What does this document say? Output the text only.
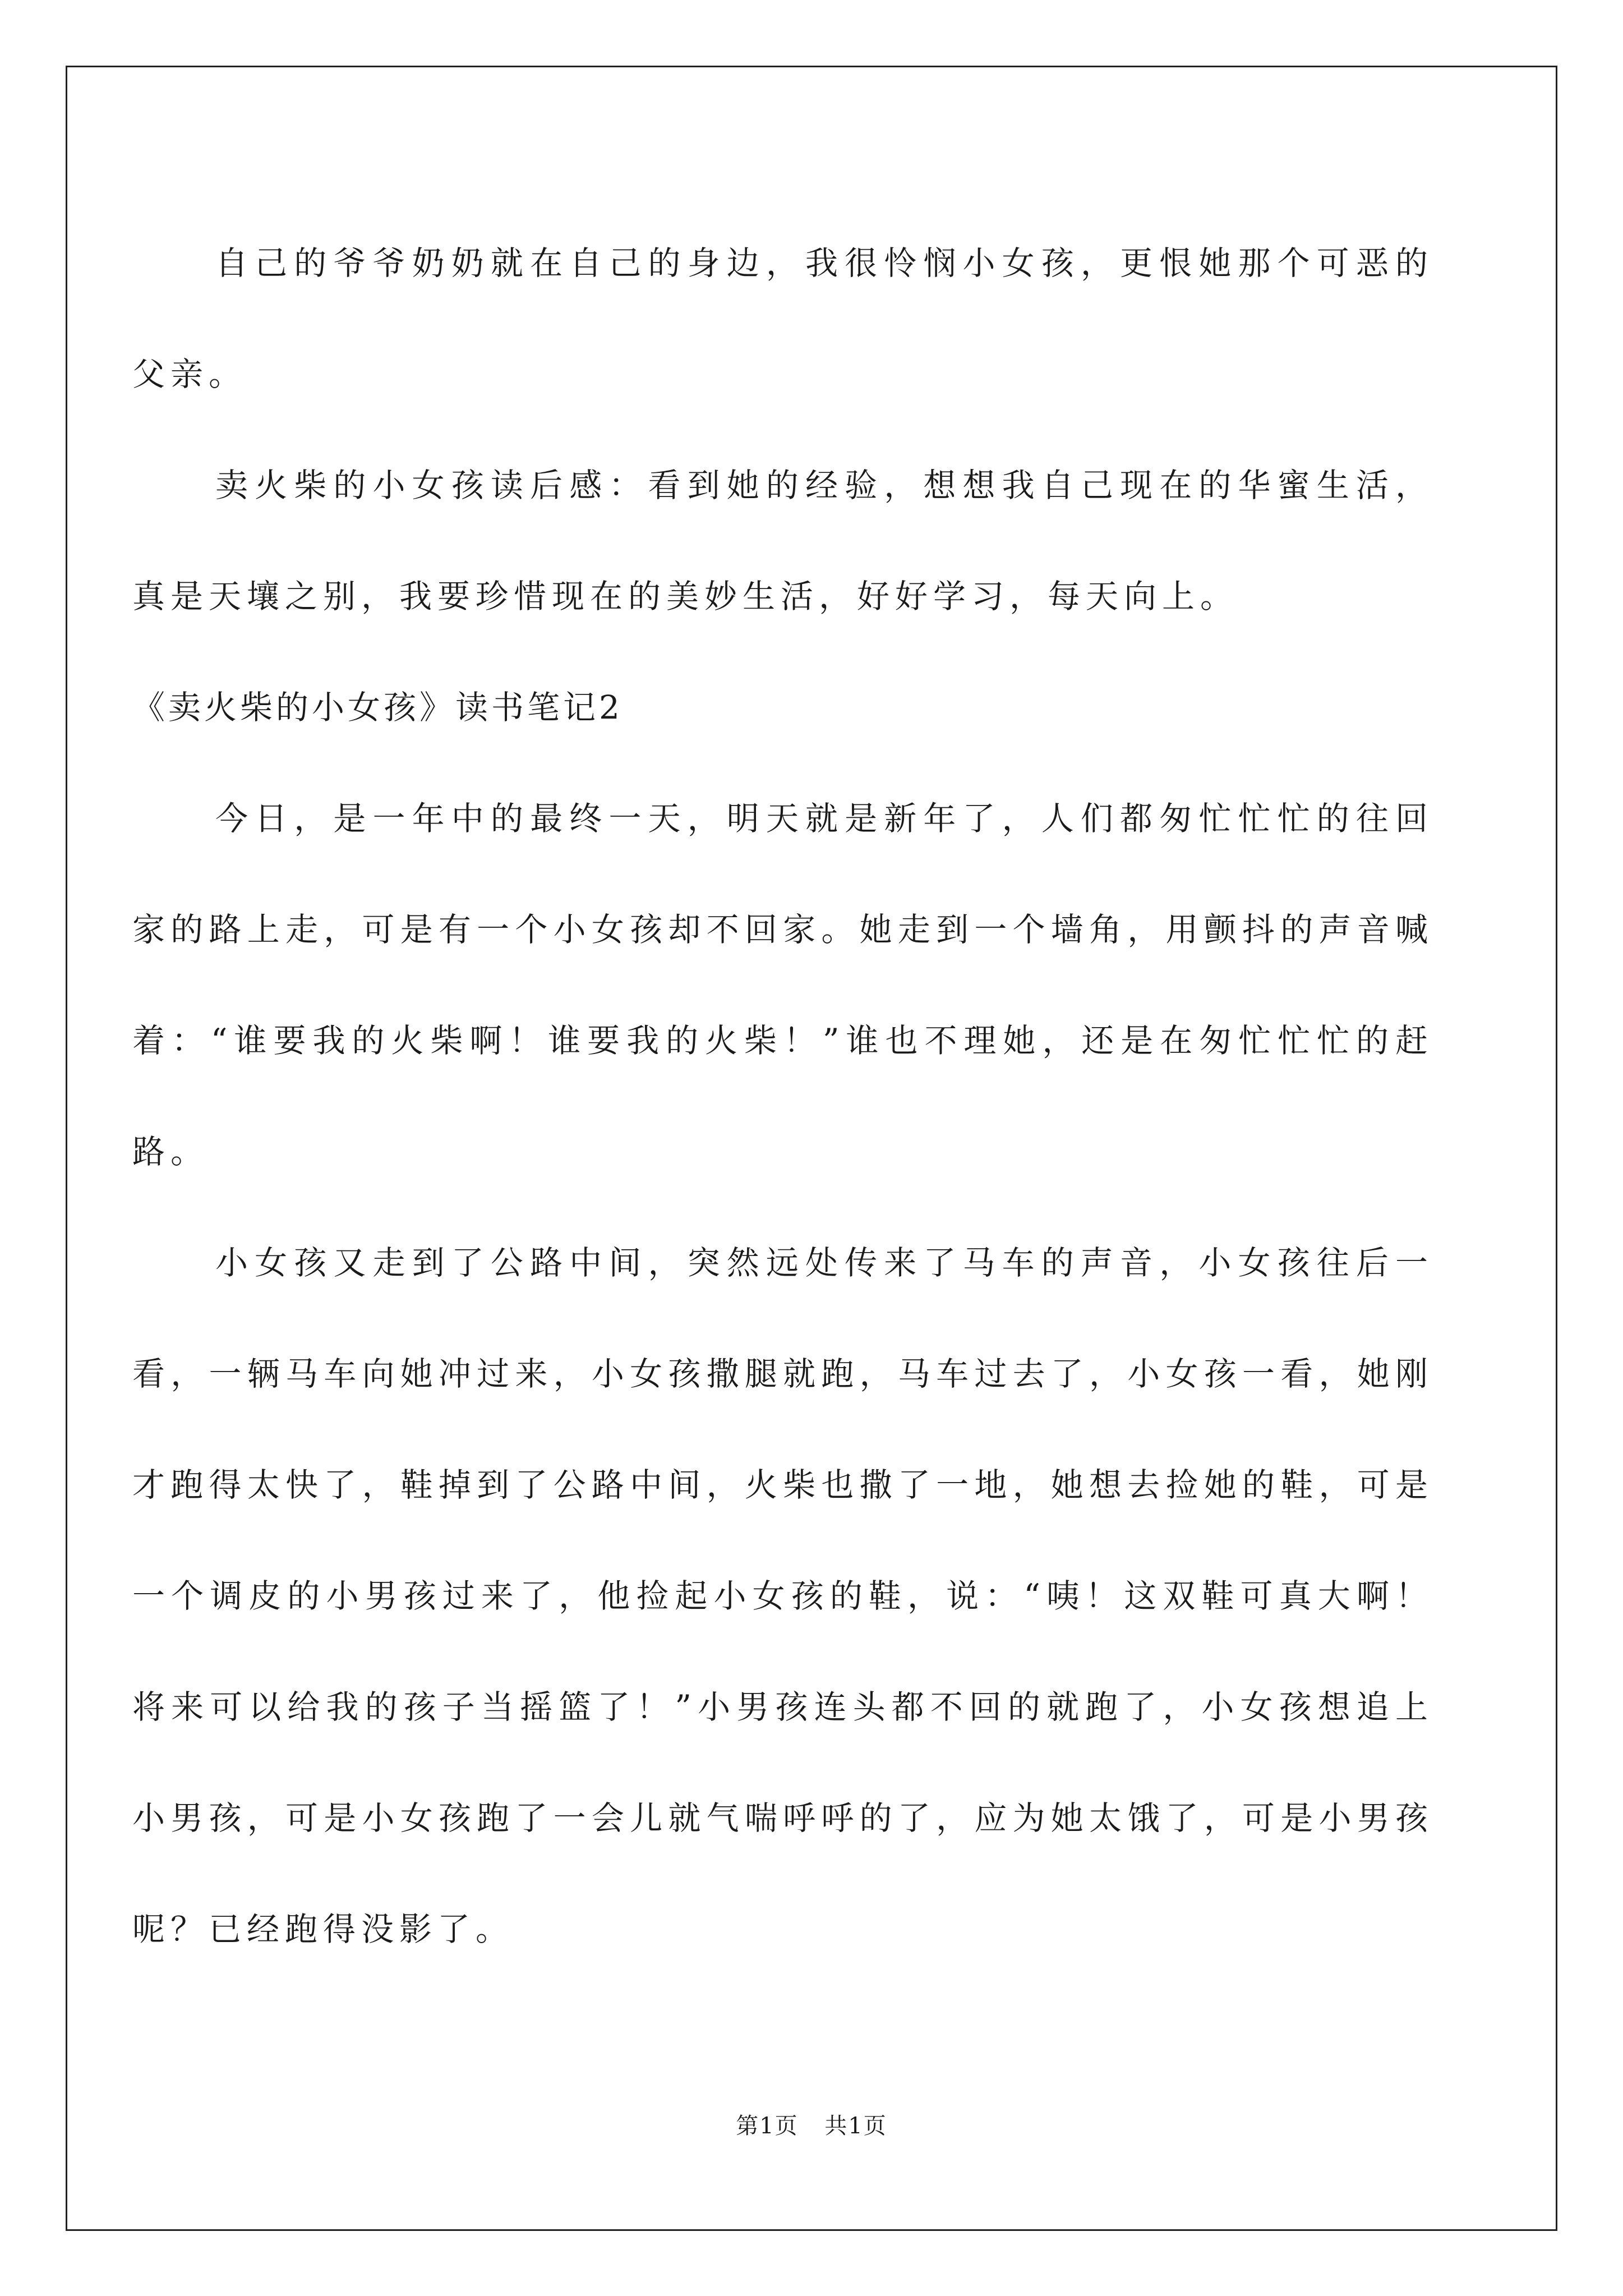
自己的爷爷奶奶就在自己的身边，我很怜悯小女孩，更恨她那个可恶的父亲。

卖火柴的小女孩读后感：看到她的经验，想想我自己现在的华蜜生活，真是天壤之别，我要珍惜现在的美妙生活，好好学习，每天向上。

《卖火柴的小女孩》读书笔记2

今日，是一年中的最终一天，明天就是新年了，人们都匆忙忙忙的往回家的路上走，可是有一个小女孩却不回家。她走到一个墙角，用颤抖的声音喊着：“谁要我的火柴啊！谁要我的火柴！”谁也不理她，还是在匆忙忙忙的赶路。

小女孩又走到了公路中间，突然远处传来了马车的声音，小女孩往后一看，一辆马车向她冲过来，小女孩撒腿就跑，马车过去了，小女孩一看，她刚才跑得太快了，鞋掉到了公路中间，火柴也撒了一地，她想去捡她的鞋，可是一个调皮的小男孩过来了，他捡起小女孩的鞋，说：“咦！这双鞋可真大啊！将来可以给我的孩子当摇篮了！”小男孩连头都不回的就跑了，小女孩想追上小男孩，可是小女孩跑了一会儿就气喘呼呼的了，应为她太饿了，可是小男孩呢？已经跑得没影了。

第1页 共1页
